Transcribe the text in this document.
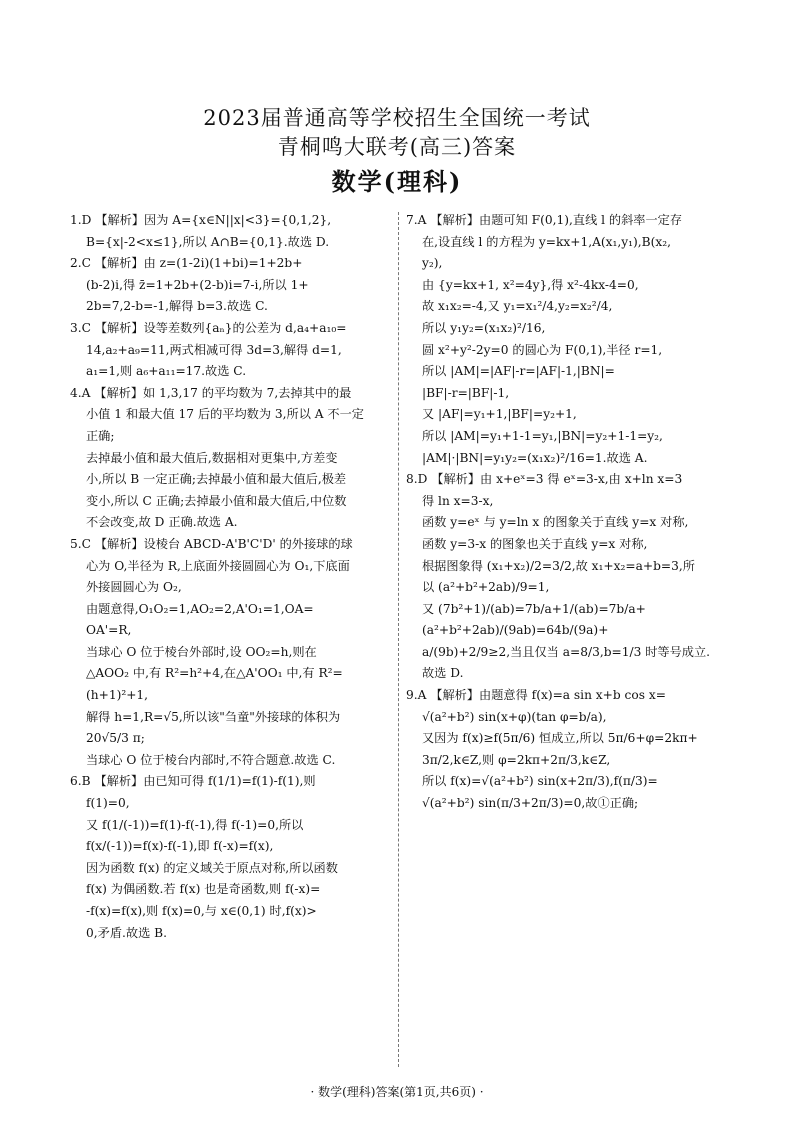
2023届普通高等学校招生全国统一考试
青桐鸣大联考(高三)答案
数学(理科)

1.D 【解析】因为 A={x∈N||x|<3}={0,1,2},

B={x|-2<x≤1},所以 A∩B={0,1}.故选 D.

2.C 【解析】由 z=(1-2i)(1+bi)=1+2b+

(b-2)i,得 z̄=1+2b+(2-b)i=7-i,所以 1+

2b=7,2-b=-1,解得 b=3.故选 C.

3.C 【解析】设等差数列{aₙ}的公差为 d,a₄+a₁₀=

14,a₂+a₉=11,两式相减可得 3d=3,解得 d=1,

a₁=1,则 a₆+a₁₁=17.故选 C.

4.A 【解析】如 1,3,17 的平均数为 7,去掉其中的最

小值 1 和最大值 17 后的平均数为 3,所以 A 不一定

正确;

去掉最小值和最大值后,数据相对更集中,方差变

小,所以 B 一定正确;去掉最小值和最大值后,极差

变小,所以 C 正确;去掉最小值和最大值后,中位数

不会改变,故 D 正确.故选 A.

5.C 【解析】设棱台 ABCD-A'B'C'D' 的外接球的球

心为 O,半径为 R,上底面外接圆圆心为 O₁,下底面

外接圆圆心为 O₂,

由题意得,O₁O₂=1,AO₂=2,A'O₁=1,OA=

OA'=R,

当球心 O 位于棱台外部时,设 OO₂=h,则在

△AOO₂ 中,有 R²=h²+4,在△A'OO₁ 中,有 R²=

(h+1)²+1,

解得 h=1,R=√5,所以该"刍童"外接球的体积为

20√5/3 π;

当球心 O 位于棱台内部时,不符合题意.故选 C.

6.B 【解析】由已知可得 f(1/1)=f(1)-f(1),则

f(1)=0,

又 f(1/(-1))=f(1)-f(-1),得 f(-1)=0,所以

f(x/(-1))=f(x)-f(-1),即 f(-x)=f(x),

因为函数 f(x) 的定义域关于原点对称,所以函数

f(x) 为偶函数.若 f(x) 也是奇函数,则 f(-x)=

-f(x)=f(x),则 f(x)=0,与 x∈(0,1) 时,f(x)>

0,矛盾.故选 B.

7.A 【解析】由题可知 F(0,1),直线 l 的斜率一定存

在,设直线 l 的方程为 y=kx+1,A(x₁,y₁),B(x₂,

y₂),

由 {y=kx+1, x²=4y},得 x²-4kx-4=0,

故 x₁x₂=-4,又 y₁=x₁²/4,y₂=x₂²/4,

所以 y₁y₂=(x₁x₂)²/16,

圆 x²+y²-2y=0 的圆心为 F(0,1),半径 r=1,

所以 |AM|=|AF|-r=|AF|-1,|BN|=

|BF|-r=|BF|-1,

又 |AF|=y₁+1,|BF|=y₂+1,

所以 |AM|=y₁+1-1=y₁,|BN|=y₂+1-1=y₂,

|AM|·|BN|=y₁y₂=(x₁x₂)²/16=1.故选 A.

8.D 【解析】由 x+eˣ=3 得 eˣ=3-x,由 x+ln x=3

得 ln x=3-x,

函数 y=eˣ 与 y=ln x 的图象关于直线 y=x 对称,

函数 y=3-x 的图象也关于直线 y=x 对称,

根据图象得 (x₁+x₂)/2=3/2,故 x₁+x₂=a+b=3,所

以 (a²+b²+2ab)/9=1,

又 (7b²+1)/(ab)=7b/a+1/(ab)=7b/a+(a²+b²+2ab)/(9ab)=64b/(9a)+

a/(9b)+2/9≥2,当且仅当 a=8/3,b=1/3 时等号成立.

故选 D.

9.A 【解析】由题意得 f(x)=a sin x+b cos x=

√(a²+b²) sin(x+φ)(tan φ=b/a),

又因为 f(x)≥f(5π/6) 恒成立,所以 5π/6+φ=2kπ+

3π/2,k∈Z,则 φ=2kπ+2π/3,k∈Z,

所以 f(x)=√(a²+b²) sin(x+2π/3),f(π/3)=

√(a²+b²) sin(π/3+2π/3)=0,故①正确;

· 数学(理科)答案(第1页,共6页) ·
